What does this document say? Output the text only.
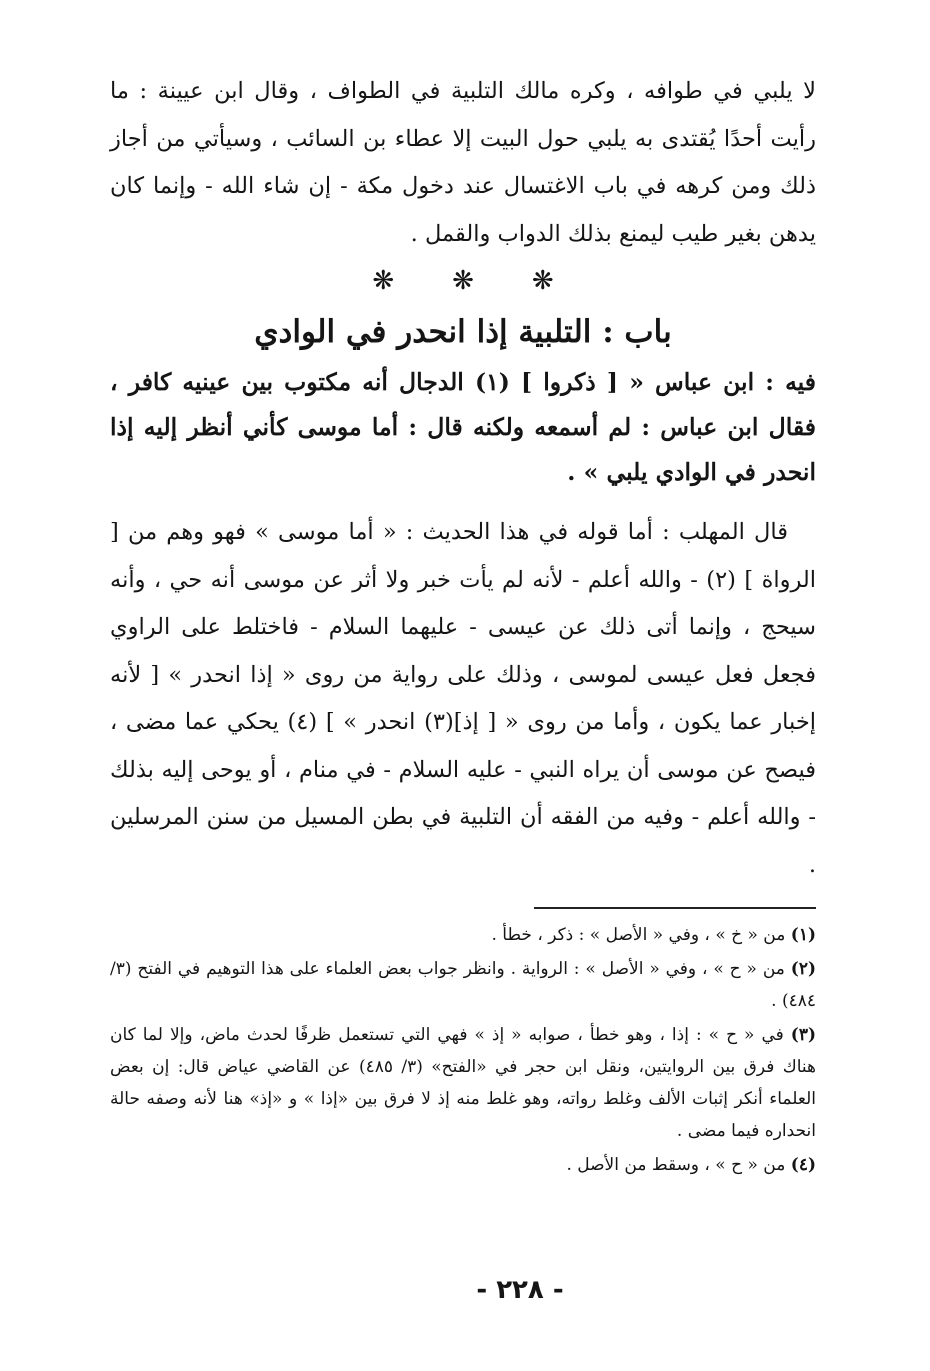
لا يلبي في طوافه ، وكره مالك التلبية في الطواف ، وقال ابن عيينة : ما رأيت أحدًا يُقتدى به يلبي حول البيت إلا عطاء بن السائب ، وسيأتي من أجاز ذلك ومن كرهه في باب الاغتسال عند دخول مكة - إن شاء الله - وإنما كان يدهن بغير طيب ليمنع بذلك الدواب والقمل .

❋
❋
❋
باب : التلبية إذا انحدر في الوادي

فيه : ابن عباس « [ ذكروا ] (١) الدجال أنه مكتوب بين عينيه كافر ، فقال ابن عباس : لم أسمعه ولكنه قال : أما موسى كأني أنظر إليه إذا انحدر في الوادي يلبي » .

قال المهلب : أما قوله في هذا الحديث : « أما موسى » فهو وهم من [ الرواة ] (٢) - والله أعلم - لأنه لم يأت خبر ولا أثر عن موسى أنه حي ، وأنه سيحج ، وإنما أتى ذلك عن عيسى - عليهما السلام - فاختلط على الراوي فجعل فعل عيسى لموسى ، وذلك على رواية من روى « إذا انحدر » [ لأنه إخبار عما يكون ، وأما من روى « [ إذ](٣) انحدر » ] (٤) يحكي عما مضى ، فيصح عن موسى أن يراه النبي - عليه السلام - في منام ، أو يوحى إليه بذلك - والله أعلم - وفيه من الفقه أن التلبية في بطن المسيل من سنن المرسلين .

(١) من « خ » ، وفي « الأصل » : ذكر ، خطأ .

(٢) من « ح » ، وفي « الأصل » : الرواية . وانظر جواب بعض العلماء على هذا التوهيم في الفتح (٣/ ٤٨٤) .

(٣) في « ح » : إذا ، وهو خطأ ، صوابه « إذ » فهي التي تستعمل ظرفًا لحدث ماض، وإلا لما كان هناك فرق بين الروايتين، ونقل ابن حجر في «الفتح» (٣/ ٤٨٥) عن القاضي عياض قال: إن بعض العلماء أنكر إثبات الألف وغلط رواته، وهو غلط منه إذ لا فرق بين «إذا » و «إذ» هنا لأنه وصفه حالة انحداره فيما مضى .

(٤) من « ح » ، وسقط من الأصل .

- ٢٢٨ -
